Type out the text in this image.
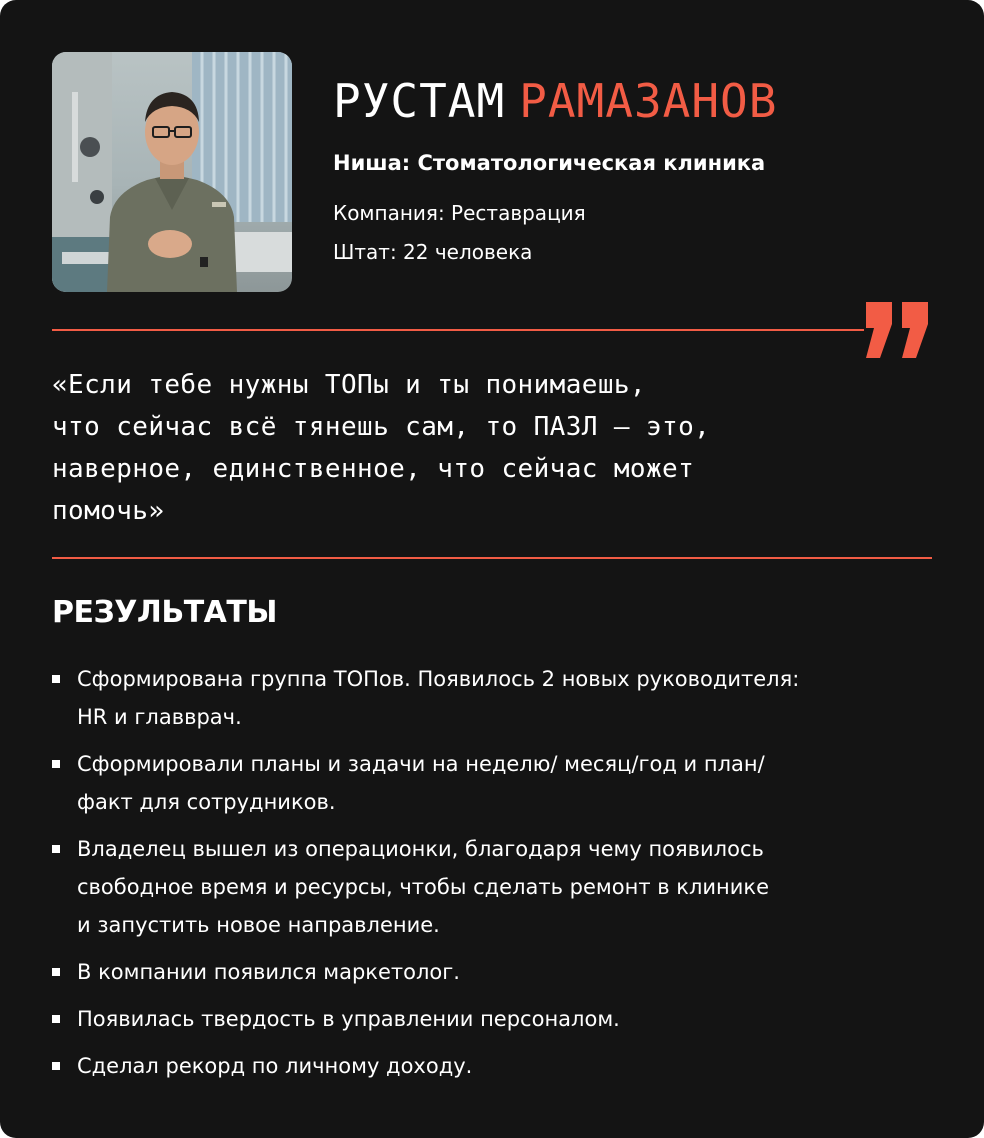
РУСТАМ РАМАЗАНОВ
Ниша: Стоматологическая клиника
Компания: Реставрация
Штат: 22 человека

«Если тебе нужны ТОПы и ты понимаешь,
что сейчас всё тянешь сам, то ПАЗЛ — это,
наверное, единственное, что сейчас может
помочь»

РЕЗУЛЬТАТЫ
Сформирована группа ТОПов. Появилось 2 новых руководителя:
HR и главврач.
Сформировали планы и задачи на неделю/ месяц/год и план/
факт для сотрудников.
Владелец вышел из операционки, благодаря чему появилось
свободное время и ресурсы, чтобы сделать ремонт в клинике
и запустить новое направление.
В компании появился маркетолог.
Появилась твердость в управлении персоналом.
Сделал рекорд по личному доходу.
